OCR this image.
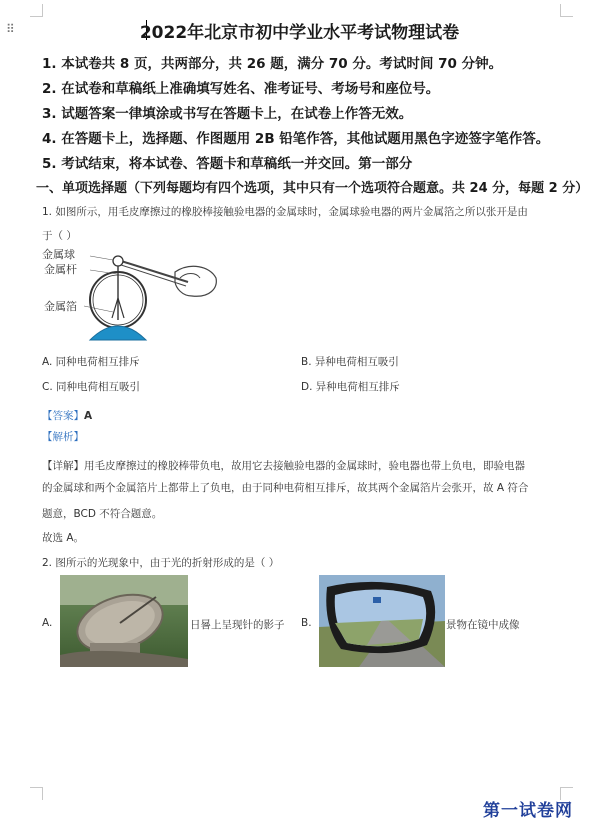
⠿	2022年北京市初中学业水平考试物理试卷
1. 本试卷共 8 页，共两部分，共 26 题，满分 70 分。考试时间 70 分钟。
2. 在试卷和草稿纸上准确填写姓名、准考证号、考场号和座位号。
3. 试题答案一律填涂或书写在答题卡上，在试卷上作答无效。
4. 在答题卡上，选择题、作图题用 2B 铅笔作答，其他试题用黑色字迹签字笔作答。
5. 考试结束，将本试卷、答题卡和草稿纸一并交回。第一部分
一、单项选择题（下列每题均有四个选项，其中只有一个选项符合题意。共 24 分，每题 2 分）
1. 如图所示，用毛皮摩擦过的橡胶棒接触验电器的金属球时，金属球验电器的两片金属箔之所以张开是由
于（ ）
金属球
金属杆
金属箔
A. 同种电荷相互排斥	B. 异种电荷相互吸引
C. 同种电荷相互吸引	D. 异种电荷相互排斥
【答案】A
【解析】
【详解】用毛皮摩擦过的橡胶棒带负电，故用它去接触验电器的金属球时，验电器也带上负电，即验电器
的金属球和两个金属箔片上都带上了负电，由于同种电荷相互排斥，故其两个金属箔片会张开，故 A 符合
题意，BCD 不符合题意。
故选 A。
2. 图所示的光现象中，由于光的折射形成的是（ ）
A.	日晷上呈现针的影子 B.	景物在镜中成像
第一试卷网
